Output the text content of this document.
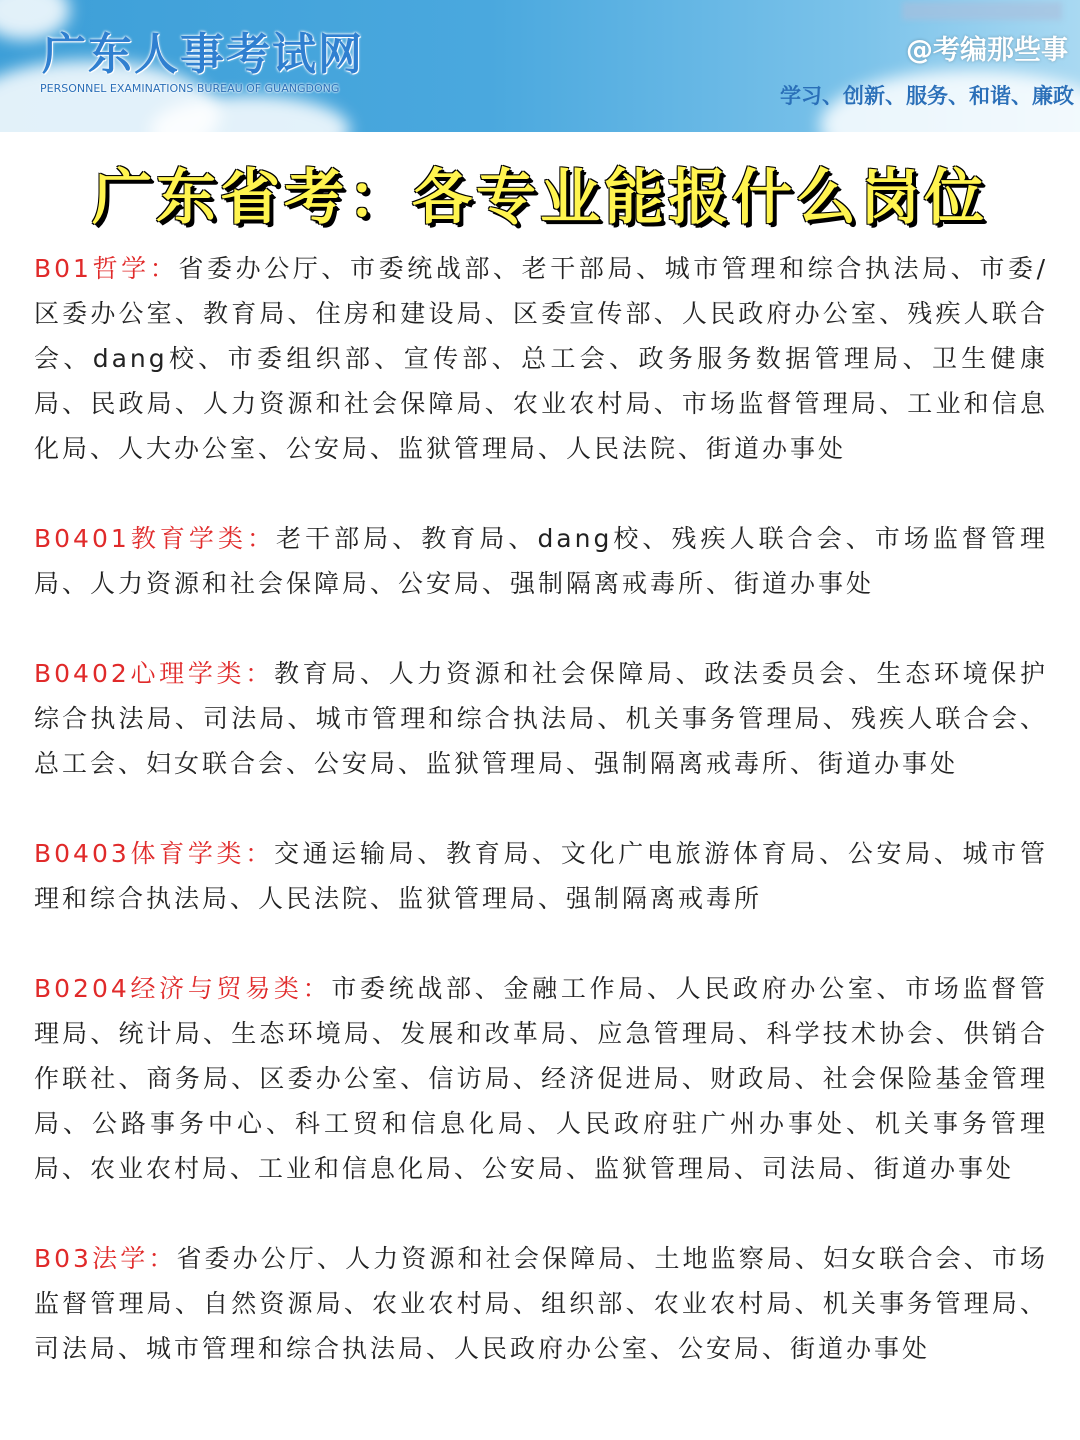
广东人事考试网
PERSONNEL EXAMINATIONS BUREAU OF GUANGDONG
@考编那些事
学习、创新、服务、和谐、廉政
广东省考：各专业能报什么岗位

B01哲学：省委办公厅、市委统战部、老干部局、城市管理和综合执法局、市委/区委办公室、教育局、住房和建设局、区委宣传部、人民政府办公室、残疾人联合会、dang校、市委组织部、宣传部、总工会、政务服务数据管理局、卫生健康局、民政局、人力资源和社会保障局、农业农村局、市场监督管理局、工业和信息化局、人大办公室、公安局、监狱管理局、人民法院、街道办事处

B0401教育学类：老干部局、教育局、dang校、残疾人联合会、市场监督管理局、人力资源和社会保障局、公安局、强制隔离戒毒所、街道办事处

B0402心理学类：教育局、人力资源和社会保障局、政法委员会、生态环境保护综合执法局、司法局、城市管理和综合执法局、机关事务管理局、残疾人联合会、总工会、妇女联合会、公安局、监狱管理局、强制隔离戒毒所、街道办事处

B0403体育学类：交通运输局、教育局、文化广电旅游体育局、公安局、城市管理和综合执法局、人民法院、监狱管理局、强制隔离戒毒所

B0204经济与贸易类：市委统战部、金融工作局、人民政府办公室、市场监督管理局、统计局、生态环境局、发展和改革局、应急管理局、科学技术协会、供销合作联社、商务局、区委办公室、信访局、经济促进局、财政局、社会保险基金管理局、公路事务中心、科工贸和信息化局、人民政府驻广州办事处、机关事务管理局、农业农村局、工业和信息化局、公安局、监狱管理局、司法局、街道办事处

B03法学：省委办公厅、人力资源和社会保障局、土地监察局、妇女联合会、市场监督管理局、自然资源局、农业农村局、组织部、农业农村局、机关事务管理局、司法局、城市管理和综合执法局、人民政府办公室、公安局、街道办事处
